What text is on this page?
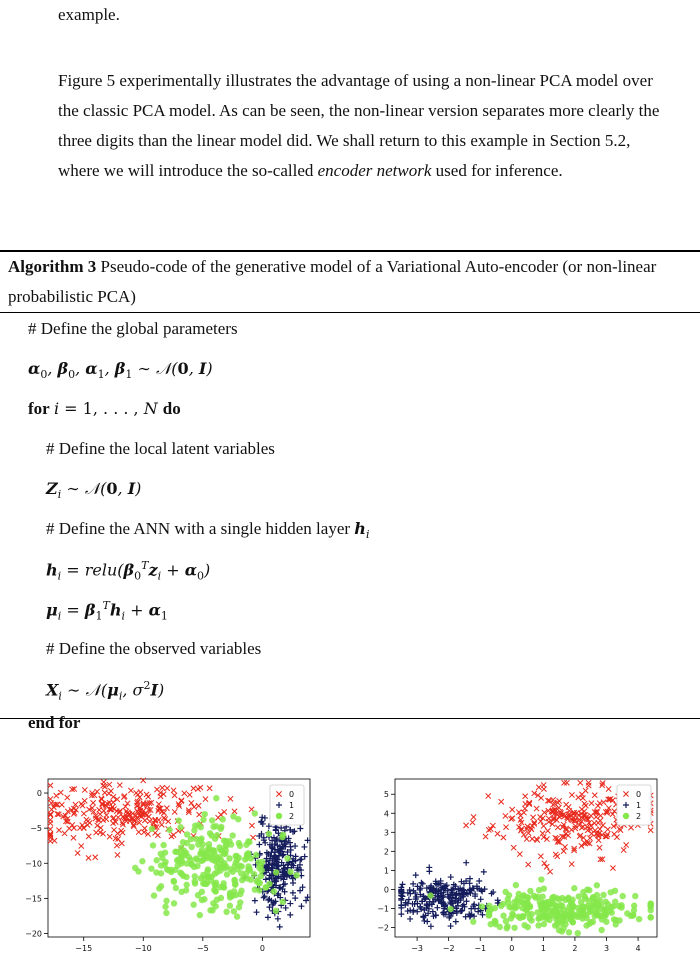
example.

Figure 5 experimentally illustrates the advantage of using a non-linear PCA model over the classic PCA model. As can be seen, the non-linear version separates more clearly the three digits than the linear model did. We shall return to this example in Section 5.2, where we will introduce the so-called encoder network used for inference.

Algorithm 3 Pseudo-code of the generative model of a Variational Auto-encoder (or non-linear probabilistic PCA)
# Define the global parameters
$\alpha_0$, $\beta_0$, $\alpha_1$, $\beta_1$ ∼ 𝒩(0, I)
for i = 1, . . . , N do
# Define the local latent variables
$Z_i$ ∼ 𝒩(0, I)
# Define the ANN with a single hidden layer $h_i$
$h_i$ = $relu(\beta_0^Tz_i + \alpha_0)$
$\mu_i = \beta_1^Th_i + \alpha_1$
# Define the observed variables
$X_i$ ∼ $𝒩(\mu_i$, $\sigma^2I$)
end for
−15	−10	−5	0
0
−5
−10
−15
−20
0
1
2
−3 −2 −1	0	1	2	3	4
5
4
3
2
1
0
−1
−2
0
1
2
